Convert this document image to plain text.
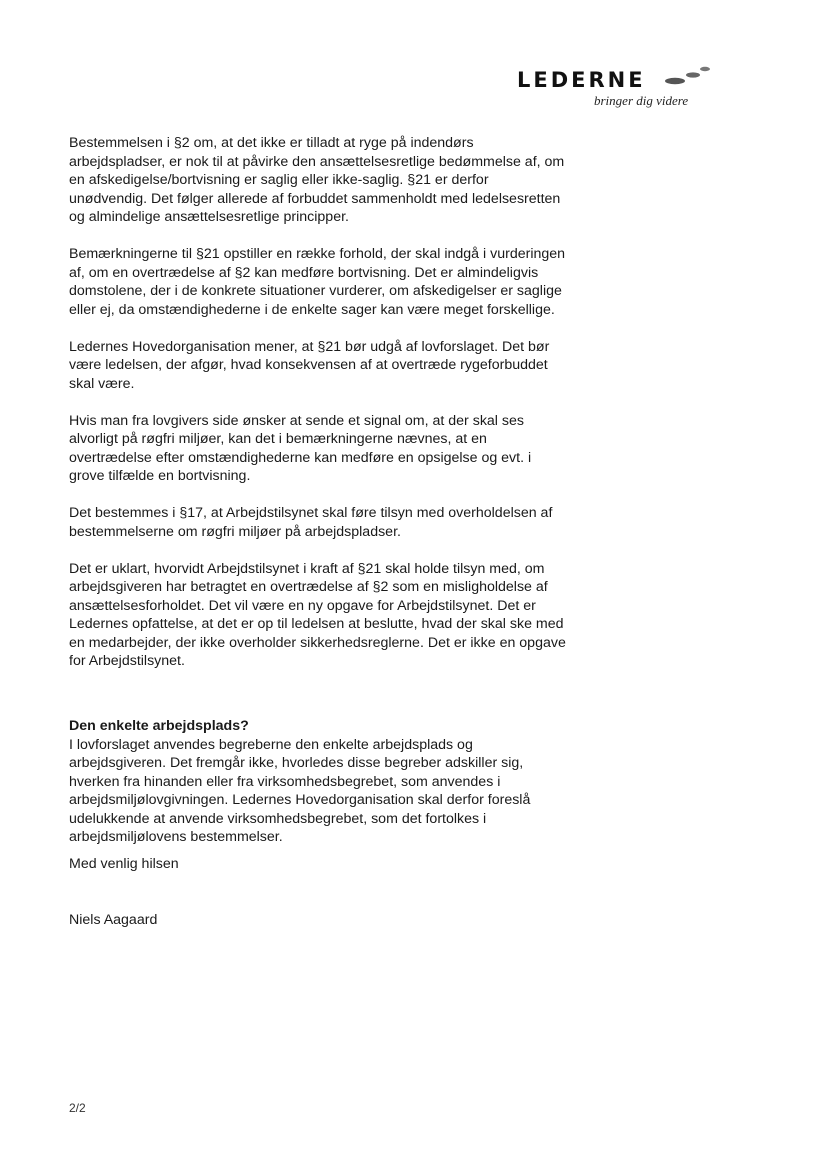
LEDERNE
bringer dig videre

Bestemmelsen i §2 om, at det ikke er tilladt at ryge på indendørs arbejdspladser, er nok til at påvirke den ansættelsesretlige bedømmelse af, om en afskedigelse/bortvisning er saglig eller ikke-saglig. §21 er derfor unødvendig. Det følger allerede af forbuddet sammenholdt med ledelsesretten og almindelige ansættelsesretlige principper.

Bemærkningerne til §21 opstiller en række forhold, der skal indgå i vurderingen af, om en overtrædelse af §2 kan medføre bortvisning. Det er almindeligvis domstolene, der i de konkrete situationer vurderer, om afskedigelser er saglige eller ej, da omstændighederne i de enkelte sager kan være meget forskellige.

Ledernes Hovedorganisation mener, at §21 bør udgå af lovforslaget. Det bør være ledelsen, der afgør, hvad konsekvensen af at overtræde rygeforbuddet skal være.

Hvis man fra lovgivers side ønsker at sende et signal om, at der skal ses alvorligt på røgfri miljøer, kan det i bemærkningerne nævnes, at en overtrædelse efter omstændighederne kan medføre en opsigelse og evt. i grove tilfælde en bortvisning.

Det bestemmes i §17, at Arbejdstilsynet skal føre tilsyn med overholdelsen af bestemmelserne om røgfri miljøer på arbejdspladser.

Det er uklart, hvorvidt Arbejdstilsynet i kraft af §21 skal holde tilsyn med, om arbejdsgiveren har betragtet en overtrædelse af §2 som en misligholdelse af ansættelsesforholdet. Det vil være en ny opgave for Arbejdstilsynet. Det er Ledernes opfattelse, at det er op til ledelsen at beslutte, hvad der skal ske med en medarbejder, der ikke overholder sikkerhedsreglerne. Det er ikke en opgave for Arbejdstilsynet.

Den enkelte arbejdsplads?

I lovforslaget anvendes begreberne den enkelte arbejdsplads og arbejdsgiveren. Det fremgår ikke, hvorledes disse begreber adskiller sig, hverken fra hinanden eller fra virksomhedsbegrebet, som anvendes i arbejdsmiljølovgivningen. Ledernes Hovedorganisation skal derfor foreslå udelukkende at anvende virksomhedsbegrebet, som det fortolkes i arbejdsmiljølovens bestemmelser.

Med venlig hilsen

Niels Aagaard

2/2
